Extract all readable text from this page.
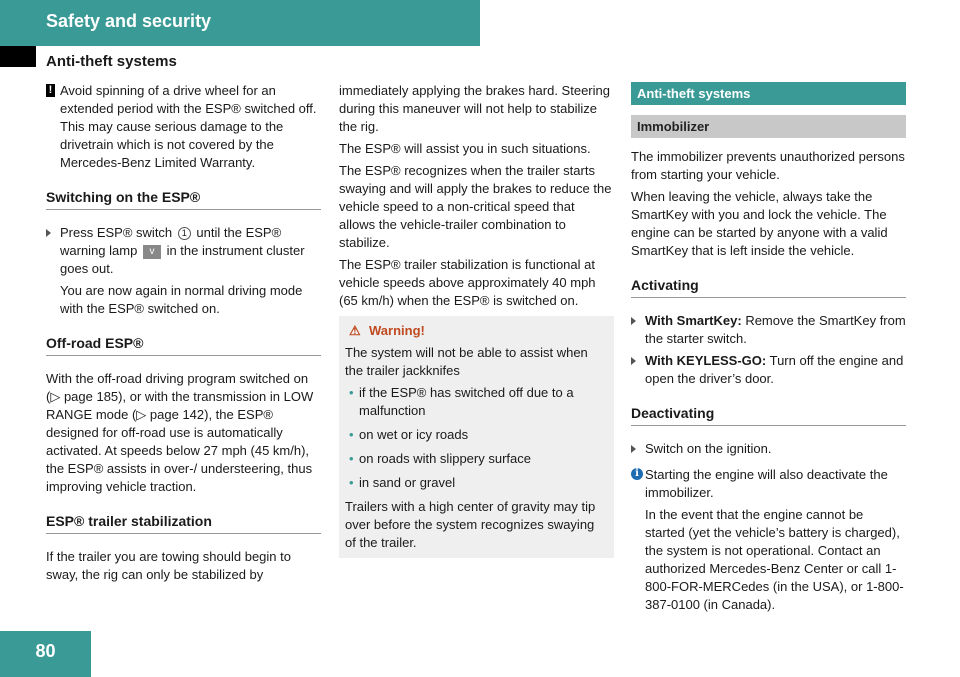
Safety and security
Anti-theft systems
! Avoid spinning of a drive wheel for an extended period with the ESP® switched off. This may cause serious damage to the drivetrain which is not covered by the Mercedes-Benz Limited Warranty.
Switching on the ESP®
Press ESP® switch 1 until the ESP® warning lamp v in the instrument cluster goes out.

You are now again in normal driving mode with the ESP® switched on.

Off-road ESP®

With the off-road driving program switched on (▷ page 185), or with the transmission in LOW RANGE mode (▷ page 142), the ESP® designed for off-road use is automatically activated. At speeds below 27 mph (45 km/h), the ESP® assists in over-/ understeering, thus improving vehicle traction.

ESP® trailer stabilization

If the trailer you are towing should begin to sway, the rig can only be stabilized by

immediately applying the brakes hard. Steering during this maneuver will not help to stabilize the rig.

The ESP® will assist you in such situations.

The ESP® recognizes when the trailer starts swaying and will apply the brakes to reduce the vehicle speed to a non-critical speed that allows the vehicle-trailer combination to stabilize.

The ESP® trailer stabilization is functional at vehicle speeds above approximately 40 mph (65 km/h) when the ESP® is switched on.

⚠ Warning!

The system will not be able to assist when the trailer jackknifes

• if the ESP® has switched off due to a malfunction
• on wet or icy roads
• on roads with slippery surface
• in sand or gravel

Trailers with a high center of gravity may tip over before the system recognizes swaying of the trailer.

Anti-theft systems
Immobilizer

The immobilizer prevents unauthorized persons from starting your vehicle.

When leaving the vehicle, always take the SmartKey with you and lock the vehicle. The engine can be started by anyone with a valid SmartKey that is left inside the vehicle.

Activating
With SmartKey: Remove the SmartKey from the starter switch.
With KEYLESS-GO: Turn off the engine and open the driver’s door.
Deactivating
Switch on the ignition.
i Starting the engine will also deactivate the immobilizer.

In the event that the engine cannot be started (yet the vehicle’s battery is charged), the system is not operational. Contact an authorized Mercedes-Benz Center or call 1-800-FOR-MERCedes (in the USA), or 1-800-387-0100 (in Canada).

80
